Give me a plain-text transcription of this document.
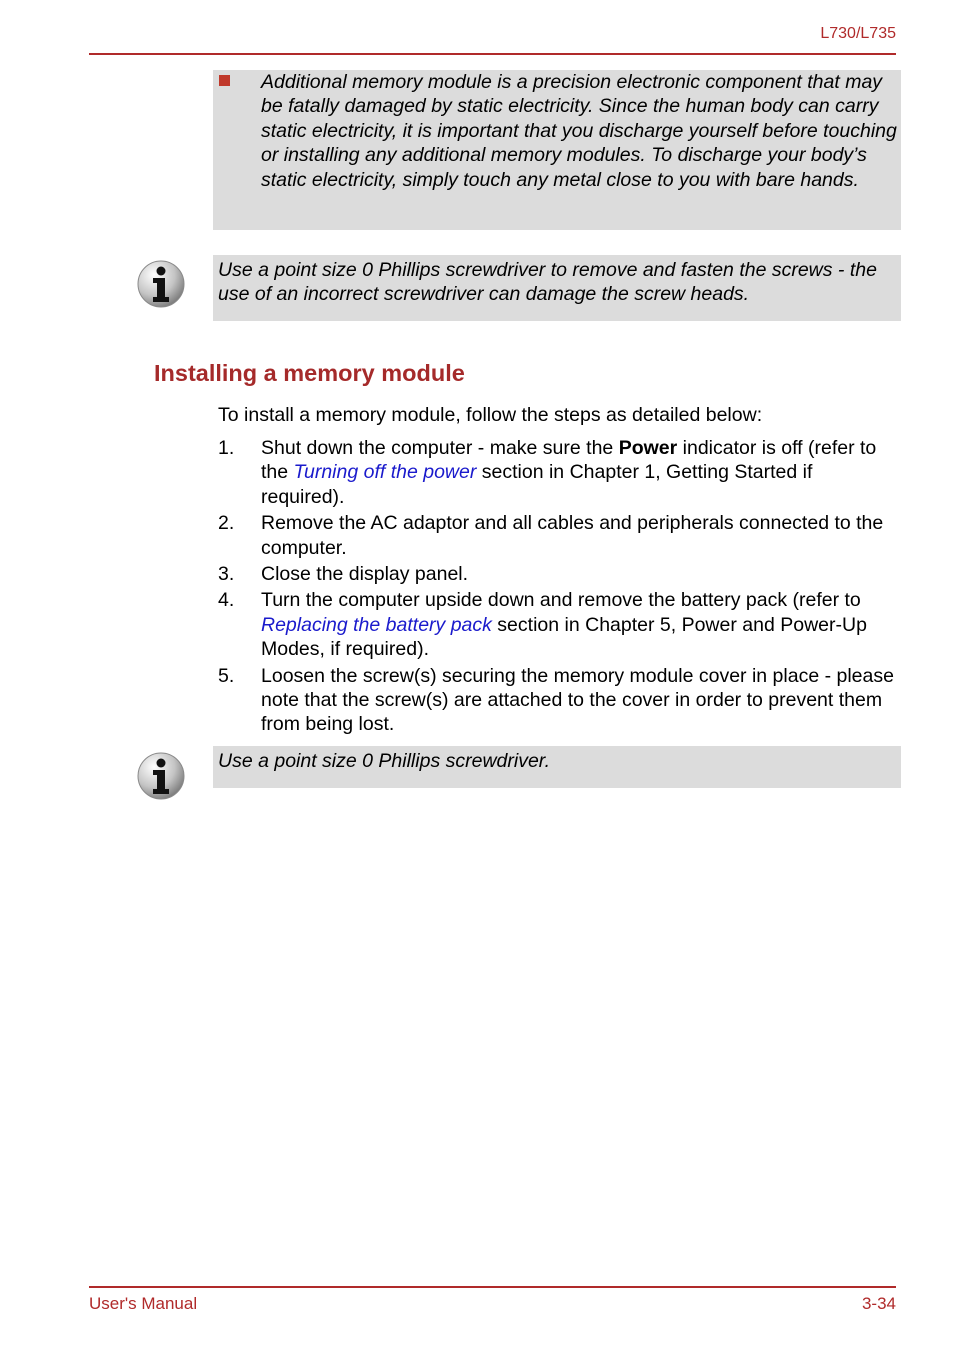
L730/L735
Additional memory module is a precision electronic component that may be fatally damaged by static electricity. Since the human body can carry static electricity, it is important that you discharge yourself before touching or installing any additional memory modules. To discharge your body’s static electricity, simply touch any metal close to you with bare hands.
Use a point size 0 Phillips screwdriver to remove and fasten the screws - the use of an incorrect screwdriver can damage the screw heads.
Installing a memory module
To install a memory module, follow the steps as detailed below:
1.	Shut down the computer - make sure the Power indicator is off (refer to the Turning off the power section in Chapter 1, Getting Started if required).
2.	Remove the AC adaptor and all cables and peripherals connected to the computer.
3.	Close the display panel.
4.	Turn the computer upside down and remove the battery pack (refer to Replacing the battery pack section in Chapter 5, Power and Power-Up Modes, if required).
5.	Loosen the screw(s) securing the memory module cover in place - please note that the screw(s) are attached to the cover in order to prevent them from being lost.
Use a point size 0 Phillips screwdriver.
User's Manual	3-34
